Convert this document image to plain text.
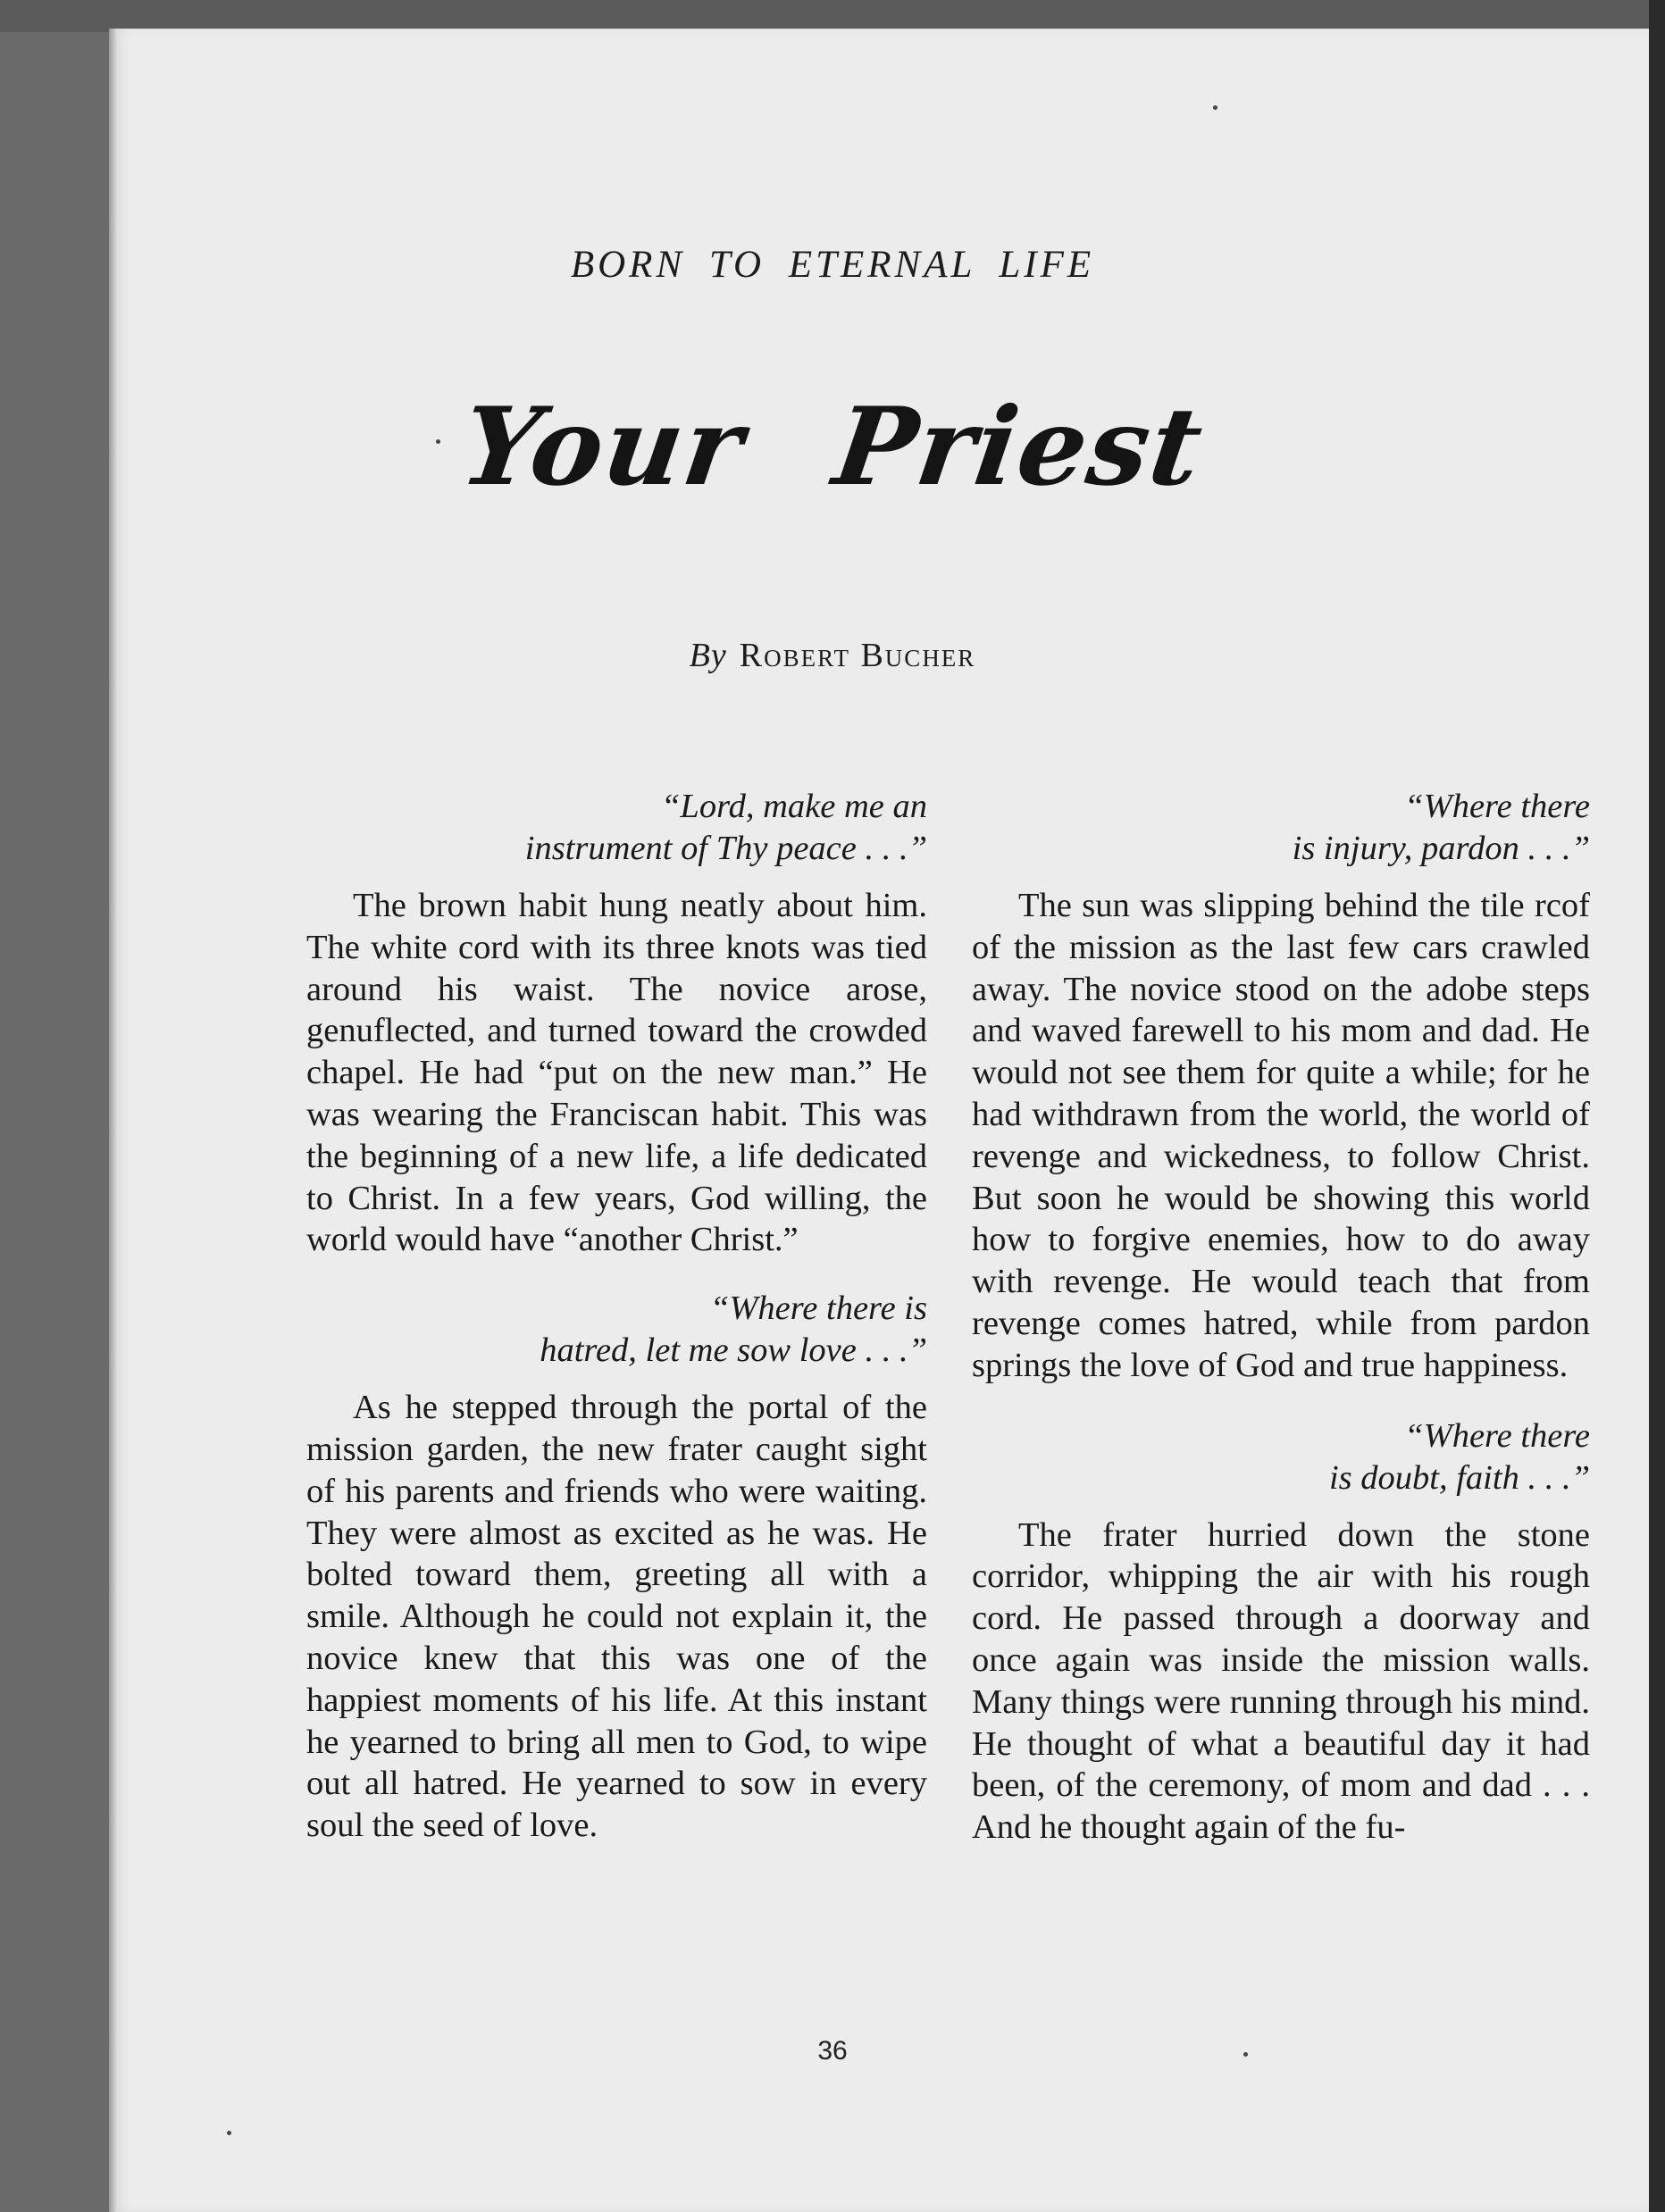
BORN TO ETERNAL LIFE
Your Priest
By Robert Bucher
“Lord, make me an
instrument of Thy peace . . .”

The brown habit hung neatly about him. The white cord with its three knots was tied around his waist. The novice arose, genuflected, and turned toward the crowded chapel. He had “put on the new man.” He was wearing the Franciscan habit. This was the beginning of a new life, a life dedicated to Christ. In a few years, God willing, the world would have “another Christ.”

“Where there is
hatred, let me sow love . . .”

As he stepped through the portal of the mission garden, the new frater caught sight of his parents and friends who were waiting. They were almost as excited as he was. He bolted toward them, greeting all with a smile. Although he could not explain it, the novice knew that this was one of the happiest moments of his life. At this instant he yearned to bring all men to God, to wipe out all hatred. He yearned to sow in every soul the seed of love.

“Where there
is injury, pardon . . .”

The sun was slipping behind the tile rcof of the mission as the last few cars crawled away. The novice stood on the adobe steps and waved farewell to his mom and dad. He would not see them for quite a while; for he had withdrawn from the world, the world of revenge and wickedness, to follow Christ. But soon he would be showing this world how to forgive enemies, how to do away with revenge. He would teach that from revenge comes hatred, while from pardon springs the love of God and true happiness.

“Where there
is doubt, faith . . .”

The frater hurried down the stone corridor, whipping the air with his rough cord. He passed through a doorway and once again was inside the mission walls. Many things were running through his mind. He thought of what a beautiful day it had been, of the ceremony, of mom and dad . . . And he thought again of the fu-

36
